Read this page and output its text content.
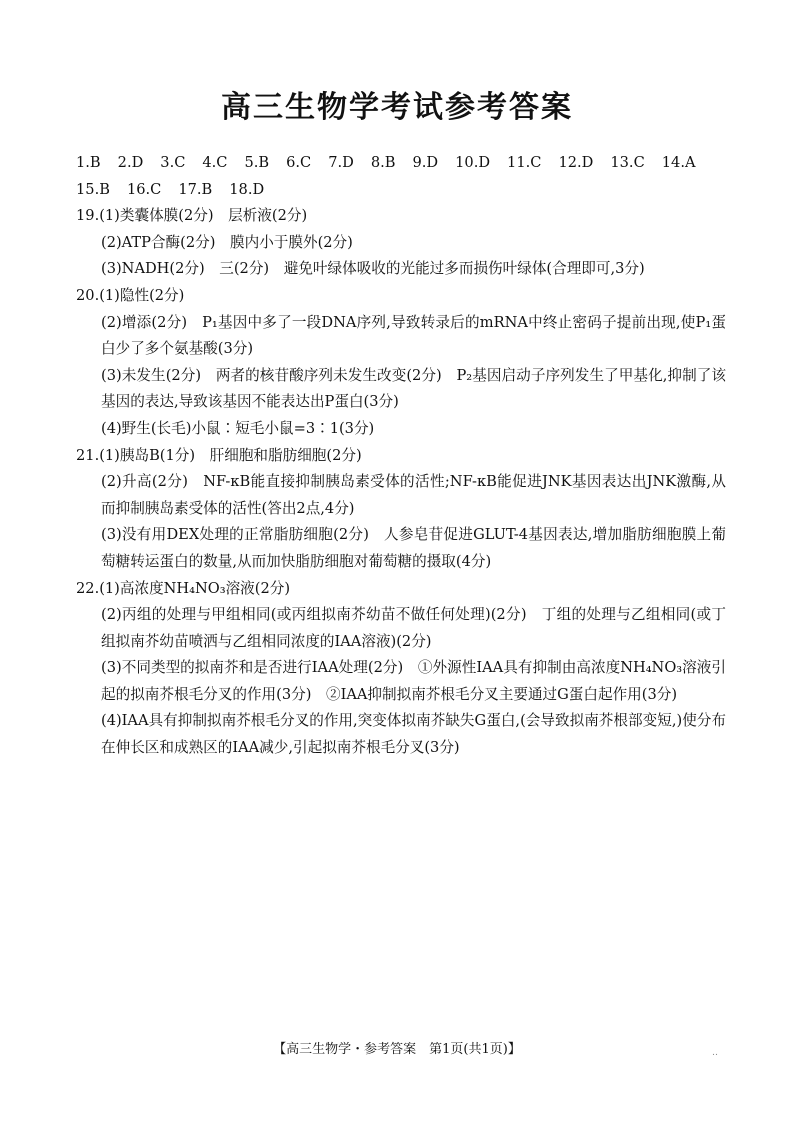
高三生物学考试参考答案
1.B 2.D 3.C 4.C 5.B 6.C 7.D 8.B 9.D 10.D 11.C 12.D 13.C 14.A
15.B 16.C 17.B 18.D
19.(1)类囊体膜(2分)　层析液(2分)
(2)ATP合酶(2分)　膜内小于膜外(2分)
(3)NADH(2分)　三(2分)　避免叶绿体吸收的光能过多而损伤叶绿体(合理即可,3分)
20.(1)隐性(2分)
(2)增添(2分)　P₁基因中多了一段DNA序列,导致转录后的mRNA中终止密码子提前出现,使P₁蛋白少了多个氨基酸(3分)
(3)未发生(2分)　两者的核苷酸序列未发生改变(2分)　P₂基因启动子序列发生了甲基化,抑制了该基因的表达,导致该基因不能表达出P蛋白(3分)
(4)野生(长毛)小鼠∶短毛小鼠=3∶1(3分)
21.(1)胰岛B(1分)　肝细胞和脂肪细胞(2分)
(2)升高(2分)　NF-κB能直接抑制胰岛素受体的活性;NF-κB能促进JNK基因表达出JNK激酶,从而抑制胰岛素受体的活性(答出2点,4分)
(3)没有用DEX处理的正常脂肪细胞(2分)　人参皂苷促进GLUT-4基因表达,增加脂肪细胞膜上葡萄糖转运蛋白的数量,从而加快脂肪细胞对葡萄糖的摄取(4分)
22.(1)高浓度NH₄NO₃溶液(2分)
(2)丙组的处理与甲组相同(或丙组拟南芥幼苗不做任何处理)(2分)　丁组的处理与乙组相同(或丁组拟南芥幼苗喷洒与乙组相同浓度的IAA溶液)(2分)
(3)不同类型的拟南芥和是否进行IAA处理(2分)　①外源性IAA具有抑制由高浓度NH₄NO₃溶液引起的拟南芥根毛分叉的作用(3分)　②IAA抑制拟南芥根毛分叉主要通过G蛋白起作用(3分)
(4)IAA具有抑制拟南芥根毛分叉的作用,突变体拟南芥缺失G蛋白,(会导致拟南芥根部变短,)使分布在伸长区和成熟区的IAA减少,引起拟南芥根毛分叉(3分)
【高三生物学・参考答案　第1页(共1页)】	‥
